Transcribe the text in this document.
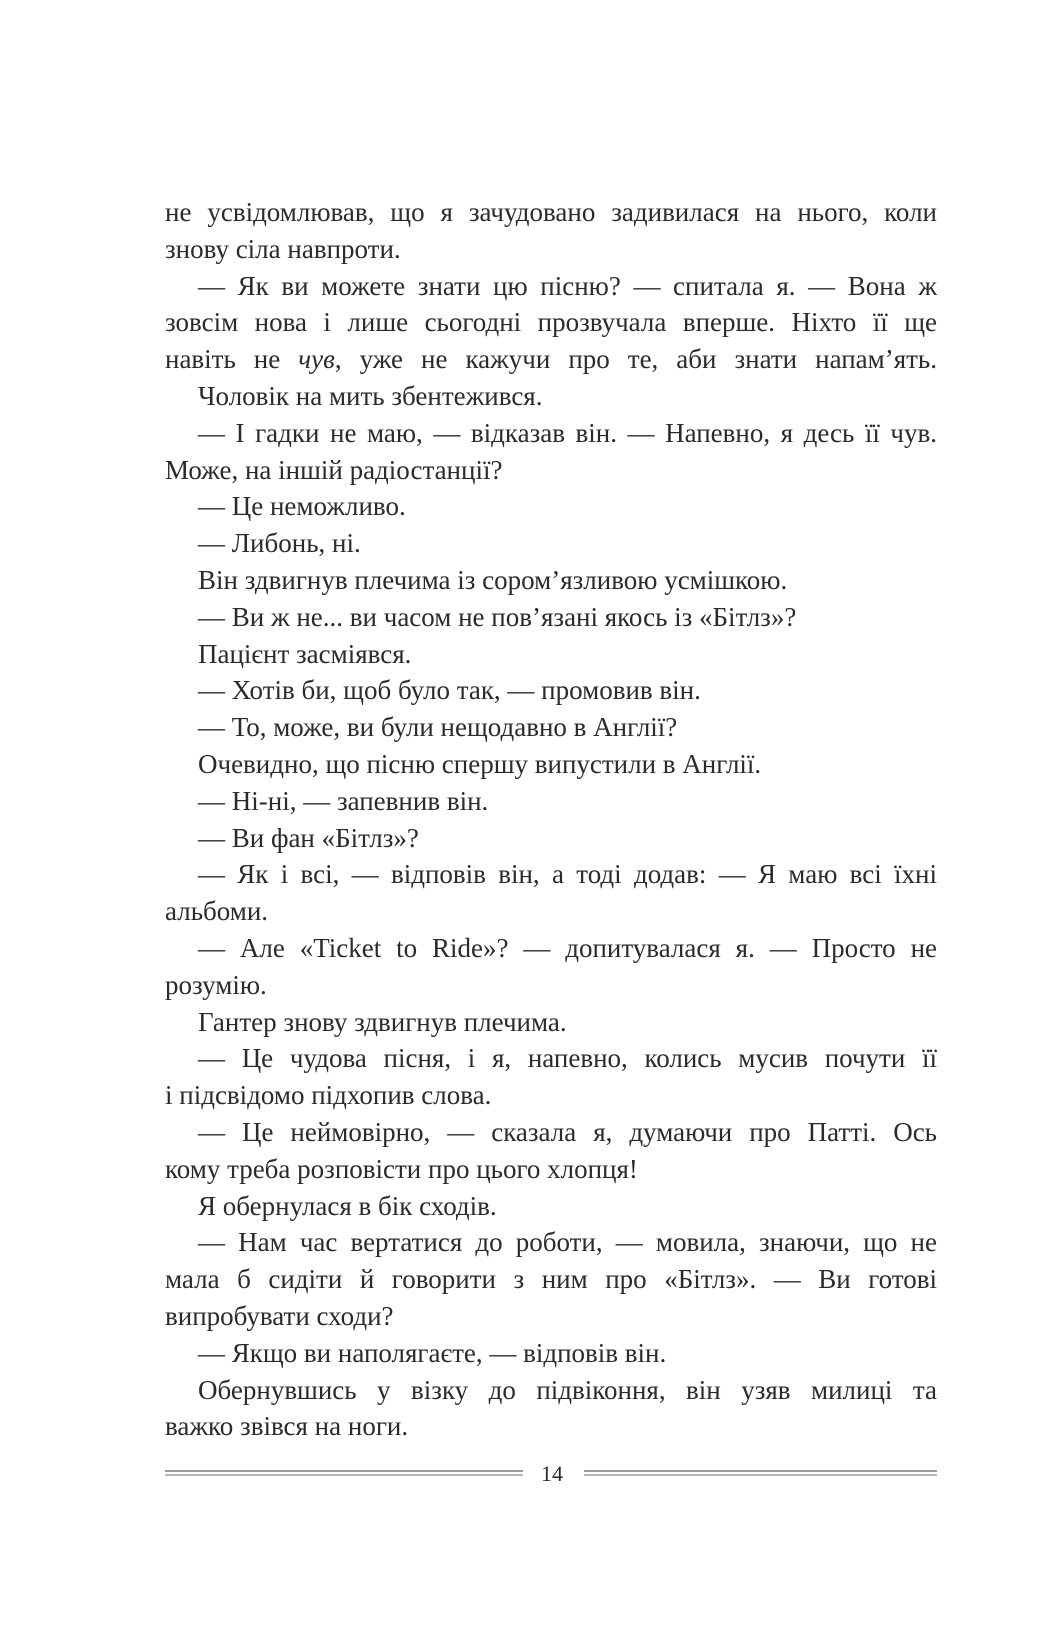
не усвідомлював, що я зачудовано задивилася на нього, коли
знову сіла навпроти.
— Як ви можете знати цю пісню? — спитала я. — Вона ж
зовсім нова і лише сьогодні прозвучала вперше. Ніхто її ще
навіть не чув, уже не кажучи про те, аби знати напам’ять.
Чоловік на мить збентежився.
— І гадки не маю, — відказав він. — Напевно, я десь її чув.
Може, на іншій радіостанції?
— Це неможливо.
— Либонь, ні.
Він здвигнув плечима із сором’язливою усмішкою.
— Ви ж не... ви часом не пов’язані якось із «Бітлз»?
Пацієнт засміявся.
— Хотів би, щоб було так, — промовив він.
— То, може, ви були нещодавно в Англії?
Очевидно, що пісню спершу випустили в Англії.
— Ні-ні, — запевнив він.
— Ви фан «Бітлз»?
— Як і всі, — відповів він, а тоді додав: — Я маю всі їхні
альбоми.
— Але «Ticket to Ride»? — допитувалася я. — Просто не
розумію.
Гантер знову здвигнув плечима.
— Це чудова пісня, і я, напевно, колись мусив почути її
і підсвідомо підхопив слова.
— Це неймовірно, — сказала я, думаючи про Патті. Ось
кому треба розповісти про цього хлопця!
Я обернулася в бік сходів.
— Нам час вертатися до роботи, — мовила, знаючи, що не
мала б сидіти й говорити з ним про «Бітлз». — Ви готові
випробувати сходи?
— Якщо ви наполягаєте, — відповів він.
Обернувшись у візку до підвіконня, він узяв милиці та
важко звівся на ноги.
14
